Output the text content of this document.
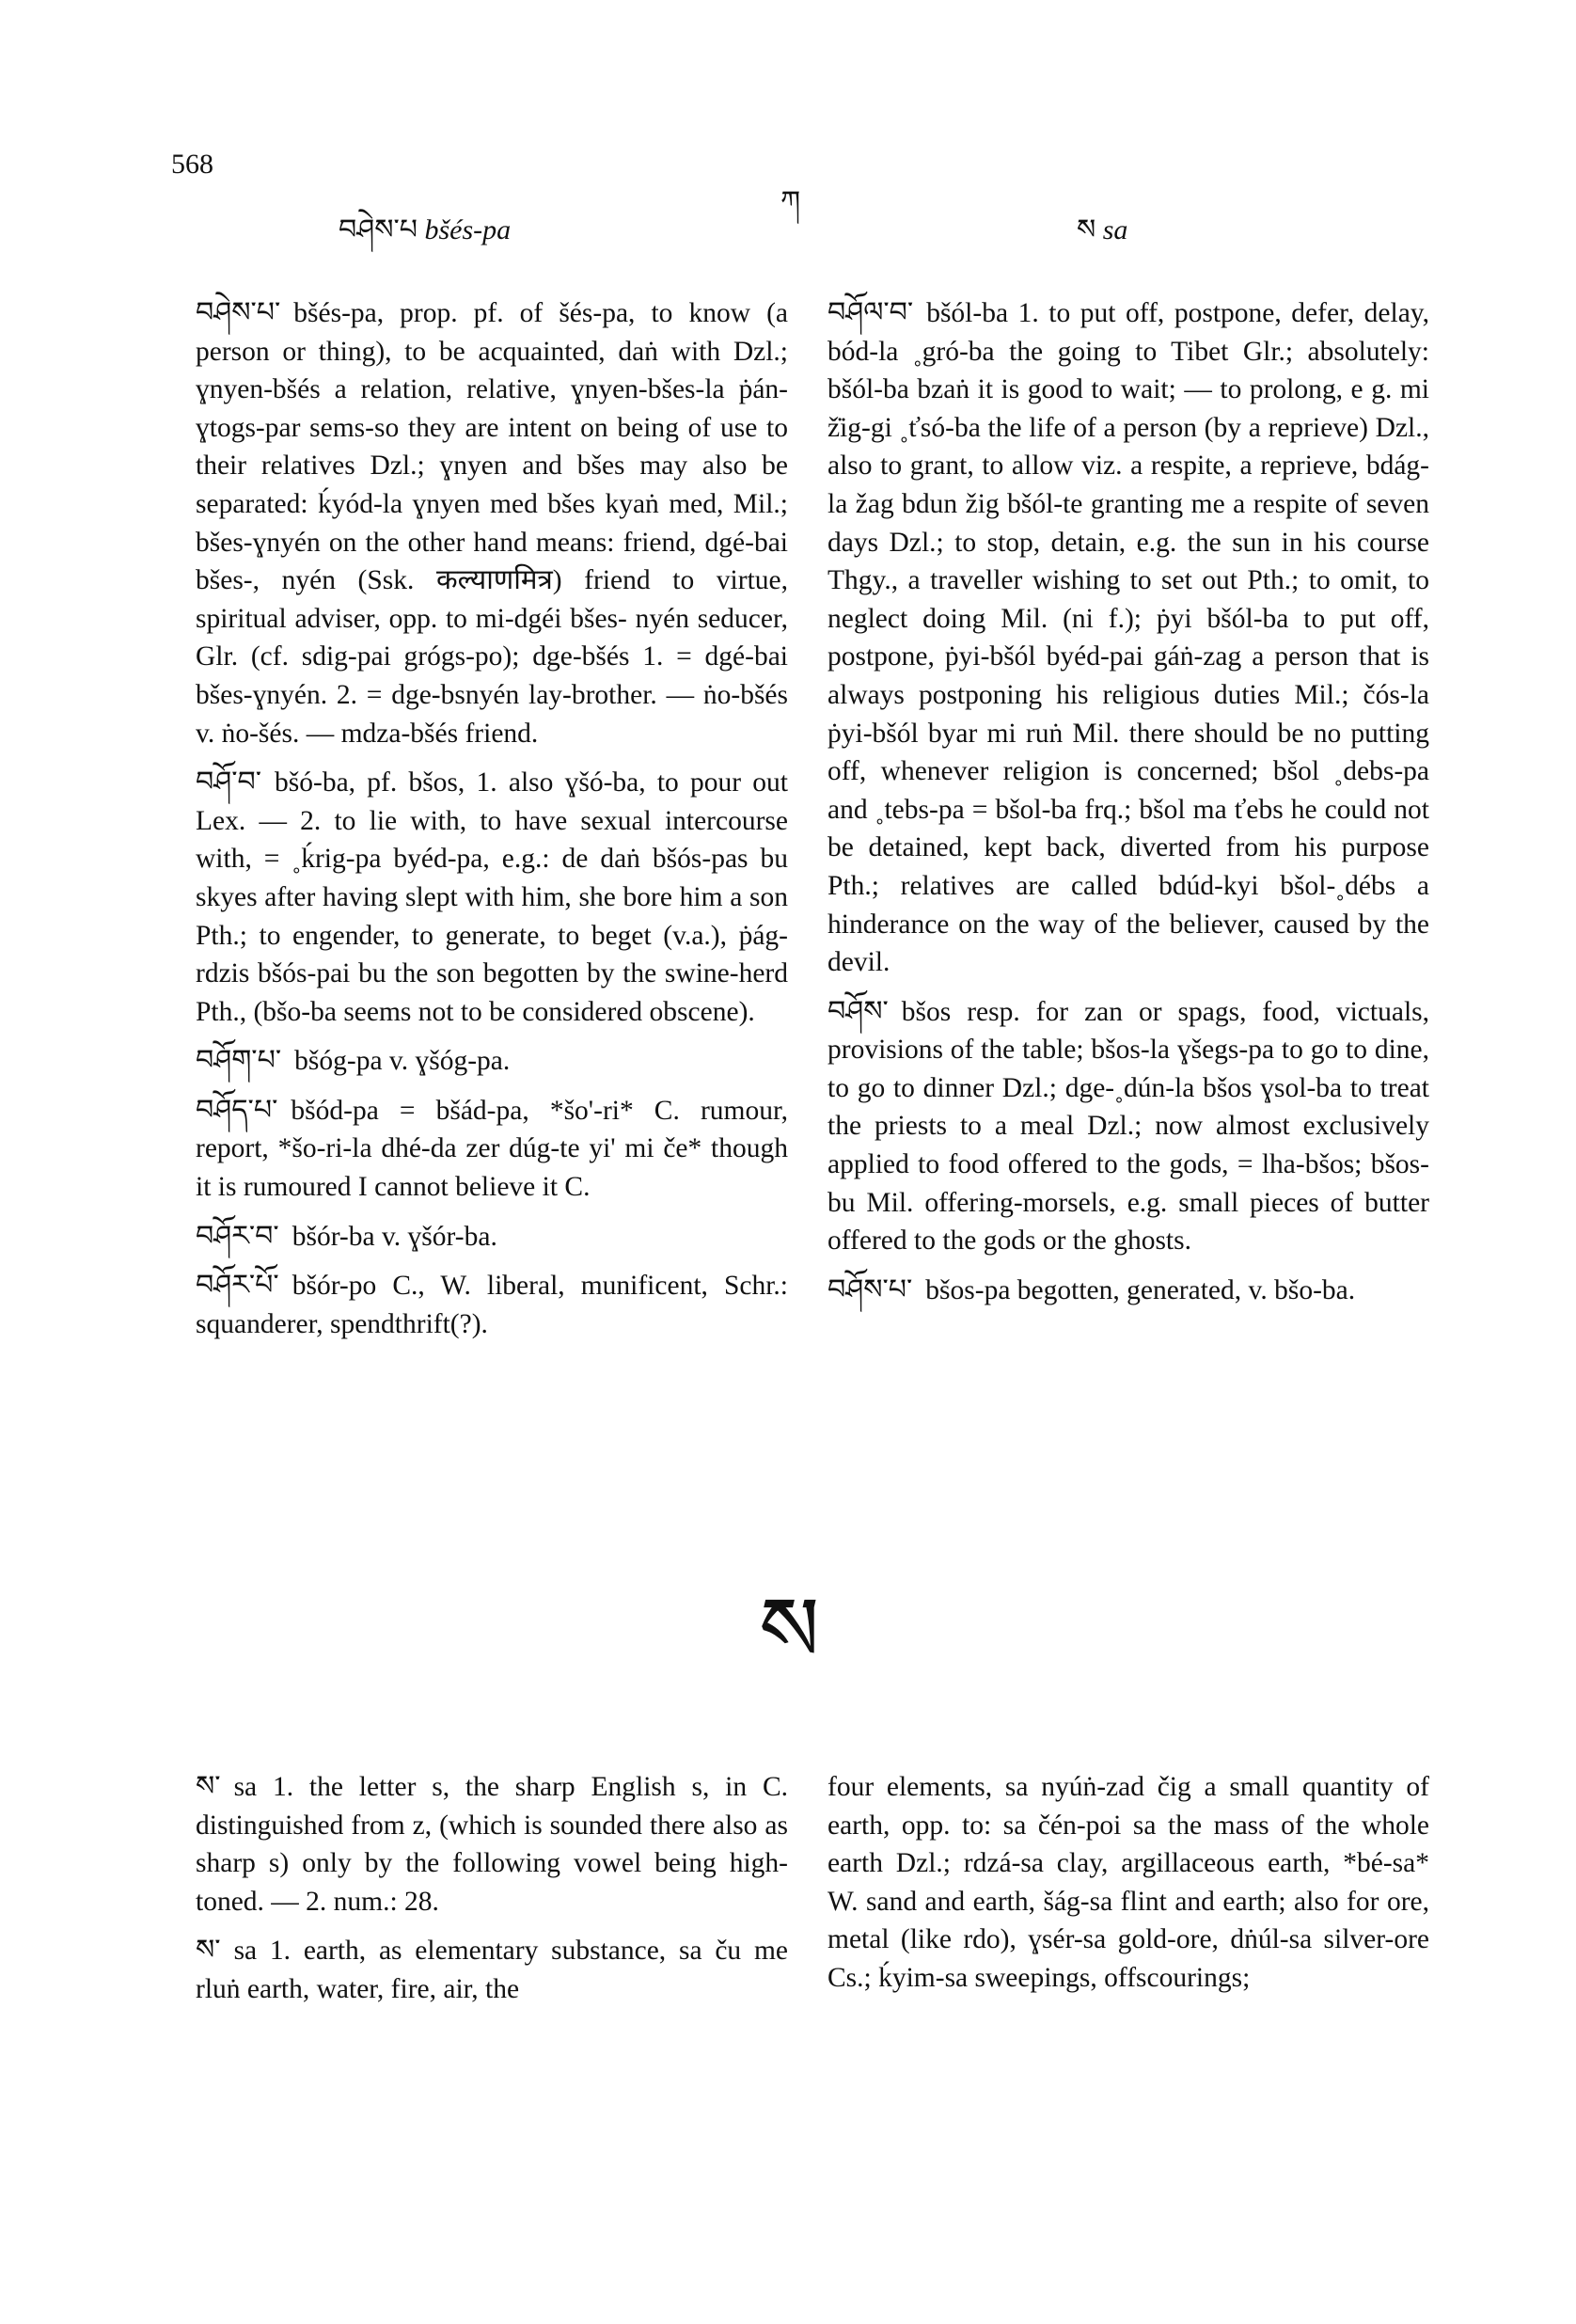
568
བཤེས་པ bšés-pa
ཀ
ས sa

བཤེས་པ་ bšés-pa, prop. pf. of šés-pa, to know (a person or thing), to be acquainted, daṅ with Dzl.; ɣnyen-bšés a relation, relative, ɣnyen-bšes-la ṗán-ɣtogs-par sems-so they are intent on being of use to their relatives Dzl.; ɣnyen and bšes may also be separated: ḱyód-la ɣnyen med bšes kyaṅ med, Mil.; bšes-ɣnyén on the other hand means: friend, dgé-bai bšes-, nyén (Ssk. कल्याणमित्र) friend to virtue, spiritual adviser, opp. to mi-dgéi bšes- nyén seducer, Glr. (cf. sdig-pai grógs-po); dge-bšés 1. = dgé-bai bšes-ɣnyén. 2. = dge-bsnyén lay-brother. — ṅo-bšés v. ṅo-šés. — mdza-bšés friend.

བཤོ་བ་ bšó-ba, pf. bšos, 1. also ɣšó-ba, to pour out Lex. — 2. to lie with, to have sexual intercourse with, = ˳ḱrig-pa byéd-pa, e.g.: de daṅ bšós-pas bu skyes after having slept with him, she bore him a son Pth.; to engender, to generate, to beget (v.a.), ṗág-rdzis bšós-pai bu the son begotten by the swine-herd Pth., (bšo-ba seems not to be considered obscene).

བཤོག་པ་ bšóg-pa v. ɣšóg-pa.

བཤོད་པ་ bšód-pa = bšád-pa, *šo'-ri* C. rumour, report, *šo-ri-la dhé-da zer dúg-te yi' mi če* though it is rumoured I cannot believe it C.

བཤོར་བ་ bšór-ba v. ɣšór-ba.

བཤོར་པོ་ bšór-po C., W. liberal, munificent, Schr.: squanderer, spendthrift(?).

བཤོལ་བ་ bšól-ba 1. to put off, postpone, defer, delay, bód-la ˳gró-ba the going to Tibet Glr.; absolutely: bšól-ba bzaṅ it is good to wait; — to prolong, e g. mi ž̇ig-gi ˳ťsó-ba the life of a person (by a reprieve) Dzl., also to grant, to allow viz. a respite, a reprieve, bdág-la žag bdun žig bšól-te granting me a respite of seven days Dzl.; to stop, detain, e.g. the sun in his course Thgy., a traveller wishing to set out Pth.; to omit, to neglect doing Mil. (ni f.); ṗyi bšól-ba to put off, postpone, ṗyi-bšól byéd-pai gáṅ-zag a person that is always postponing his religious duties Mil.; čós-la ṗyi-bšól byar mi ruṅ Mil. there should be no putting off, whenever religion is concerned; bšol ˳debs-pa and ˳tebs-pa = bšol-ba frq.; bšol ma ťebs he could not be detained, kept back, diverted from his purpose Pth.; relatives are called bdúd-kyi bšol-˳débs a hinderance on the way of the believer, caused by the devil.

བཤོས་ bšos resp. for zan or spags, food, victuals, provisions of the table; bšos-la ɣšegs-pa to go to dine, to go to dinner Dzl.; dge-˳dún-la bšos ɣsol-ba to treat the priests to a meal Dzl.; now almost exclusively applied to food offered to the gods, = lha-bšos; bšos-bu Mil. offering-morsels, e.g. small pieces of butter offered to the gods or the ghosts.

བཤོས་པ་ bšos-pa begotten, generated, v. bšo-ba.

ས

ས་ sa 1. the letter s, the sharp English s, in C. distinguished from z, (which is sounded there also as sharp s) only by the following vowel being high-toned. — 2. num.: 28.

ས་ sa 1. earth, as elementary substance, sa ču me rluṅ earth, water, fire, air, the

four elements, sa nyúṅ-zad čig a small quantity of earth, opp. to: sa čén-poi sa the mass of the whole earth Dzl.; rdzá-sa clay, argillaceous earth, *bé-sa* W. sand and earth, šág-sa flint and earth; also for ore, metal (like rdo), ɣsér-sa gold-ore, dṅúl-sa silver-ore Cs.; ḱyim-sa sweepings, offscourings;
